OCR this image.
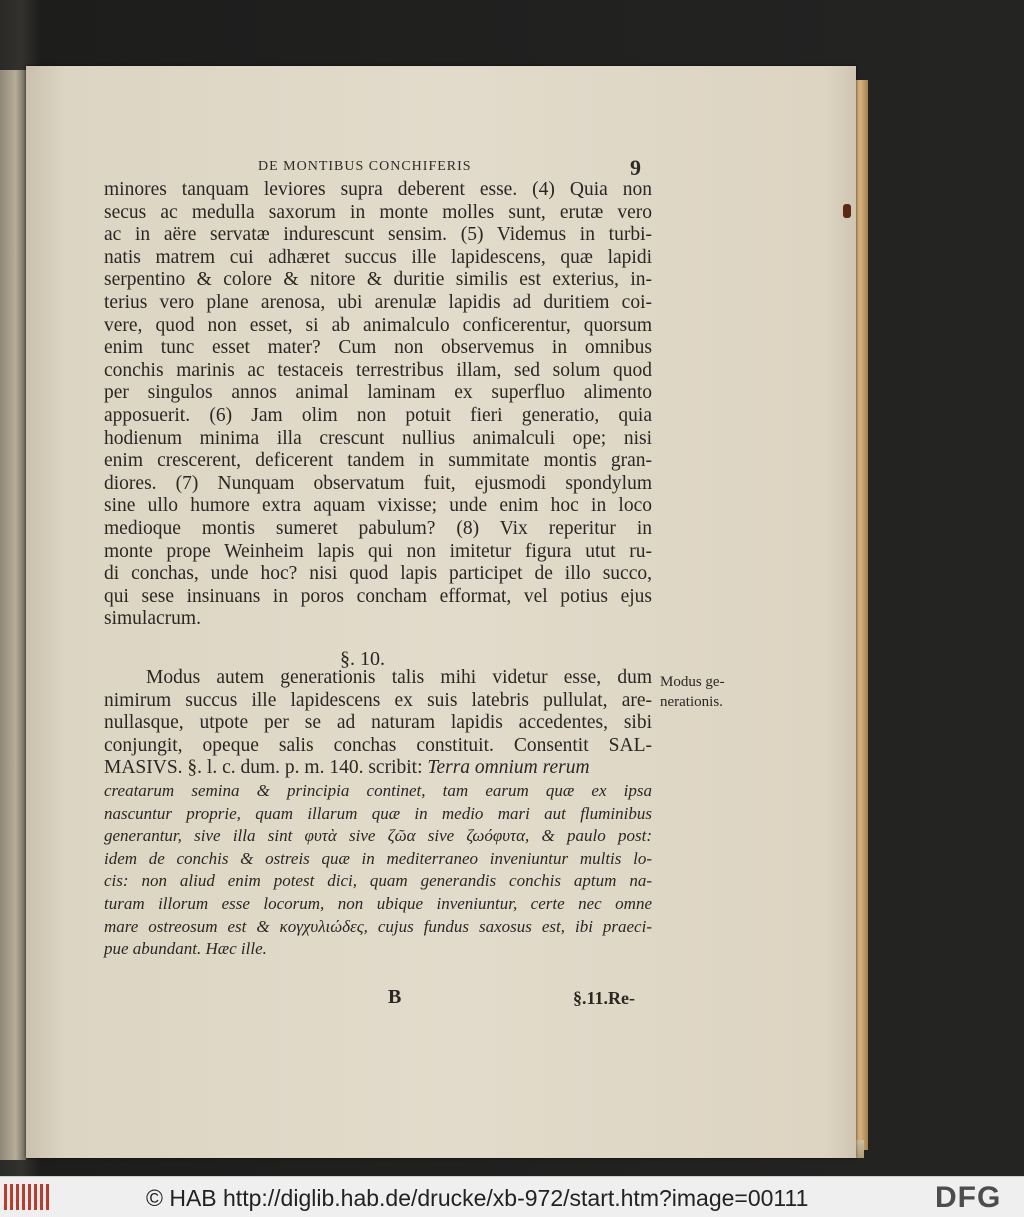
DE MONTIBUS CONCHIFERIS	9
minores tanquam leviores supra deberent esse. (4) Quia non
secus ac medulla saxorum in monte molles sunt, erutæ vero
ac in aëre servatæ indurescunt sensim. (5) Videmus in turbi-
natis matrem cui adhæret succus ille lapidescens, quæ lapidi
serpentino & colore & nitore & duritie similis est exterius, in-
terius vero plane arenosa, ubi arenulæ lapidis ad duritiem coi-
vere, quod non esset, si ab animalculo conficerentur, quorsum
enim tunc esset mater? Cum non observemus in omnibus
conchis marinis ac testaceis terrestribus illam, sed solum quod
per singulos annos animal laminam ex superfluo alimento
apposuerit. (6) Jam olim non potuit fieri generatio, quia
hodienum minima illa crescunt nullius animalculi ope; nisi
enim crescerent, deficerent tandem in summitate montis gran-
diores. (7) Nunquam observatum fuit, ejusmodi spondylum
sine ullo humore extra aquam vixisse; unde enim hoc in loco
medioque montis sumeret pabulum? (8) Vix reperitur in
monte prope Weinheim lapis qui non imitetur figura utut ru-
di conchas, unde hoc? nisi quod lapis participet de illo succo,
qui sese insinuans in poros concham efformat, vel potius ejus
simulacrum.
§. 10.
Modus autem generationis talis mihi videtur esse, dum
nimirum succus ille lapidescens ex suis latebris pullulat, are-
nullasque, utpote per se ad naturam lapidis accedentes, sibi
conjungit, opeque salis conchas constituit. Consentit SAL-
MASIVS. §. l. c. dum. p. m. 140. scribit: Terra omnium rerum
creatarum semina & principia continet, tam earum quæ ex ipsa
nascuntur proprie, quam illarum quæ in medio mari aut fluminibus
generantur, sive illa sint φυτὰ sive ζῶα sive ζωόφυτα, & paulo post:
idem de conchis & ostreis quæ in mediterraneo inveniuntur multis lo-
cis: non aliud enim potest dici, quam generandis conchis aptum na-
turam illorum esse locorum, non ubique inveniuntur, certe nec omne
mare ostreosum est & κογχυλιώδες, cujus fundus saxosus est, ibi praeci-
pue abundant. Hæc ille.
Modus ge-
nerationis.
B	§.11.Re-
© HAB http://diglib.hab.de/drucke/xb-972/start.htm?image=00111	DFG
